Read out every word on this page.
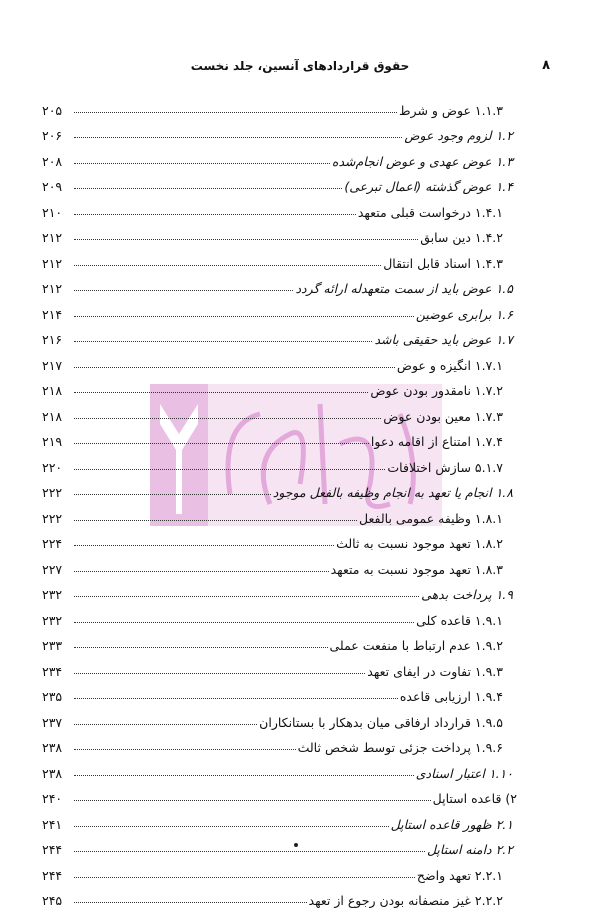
۸
حقوق قراردادهای آنسین، جلد نخست
۱.۱.۳ عوض و شرط
۲۰۵
۱.۲ لزوم وجود عوض
۲۰۶
۱.۳ عوض عهدی و عوض انجام‌شده
۲۰۸
۱.۴ عوض گذشته (اعمال تبرعی)
۲۰۹
۱.۴.۱ درخواست قبلی متعهد
۲۱۰
۱.۴.۲ دین سابق
۲۱۲
۱.۴.۳ اسناد قابل انتقال
۲۱۲
۱.۵ عوض باید از سمت متعهدله ارائه گردد
۲۱۲
۱.۶ برابری عوضین
۲۱۴
۱.۷ عوض باید حقیقی باشد
۲۱۶
۱.۷.۱ انگیزه و عوض
۲۱۷
۱.۷.۲ نامقدور بودن عوض
۲۱۸
۱.۷.۳ معین بودن عوض
۲۱۸
۱.۷.۴ امتناع از اقامه دعوا
۲۱۹
۵.۱.۷ سازش اختلافات
۲۲۰
۱.۸ انجام یا تعهد به انجام وظیفه بالفعل موجود
۲۲۲
۱.۸.۱ وظیفه عمومی بالفعل
۲۲۲
۱.۸.۲ تعهد موجود نسبت به ثالث
۲۲۴
۱.۸.۳ تعهد موجود نسبت به متعهد
۲۲۷
۱.۹ پرداخت بدهی
۲۳۲
۱.۹.۱ قاعده کلی
۲۳۲
۱.۹.۲ عدم ارتباط با منفعت عملی
۲۳۳
۱.۹.۳ تفاوت در ایفای تعهد
۲۳۴
۱.۹.۴ ارزیابی قاعده
۲۳۵
۱.۹.۵ قرارداد ارفاقی میان بدهکار با بستانکاران
۲۳۷
۱.۹.۶ پرداخت جزئی توسط شخص ثالث
۲۳۸
۱.۱۰ اعتبار اسنادی
۲۳۸
۲) قاعده استاپل
۲۴۰
۲.۱ ظهور قاعده استاپل
۲۴۱
۲.۲ دامنه استاپل
۲۴۴
۲.۲.۱ تعهد واضح
۲۴۴
۲.۲.۲ غیز منصفانه بودن رجوع از تعهد
۲۴۵
